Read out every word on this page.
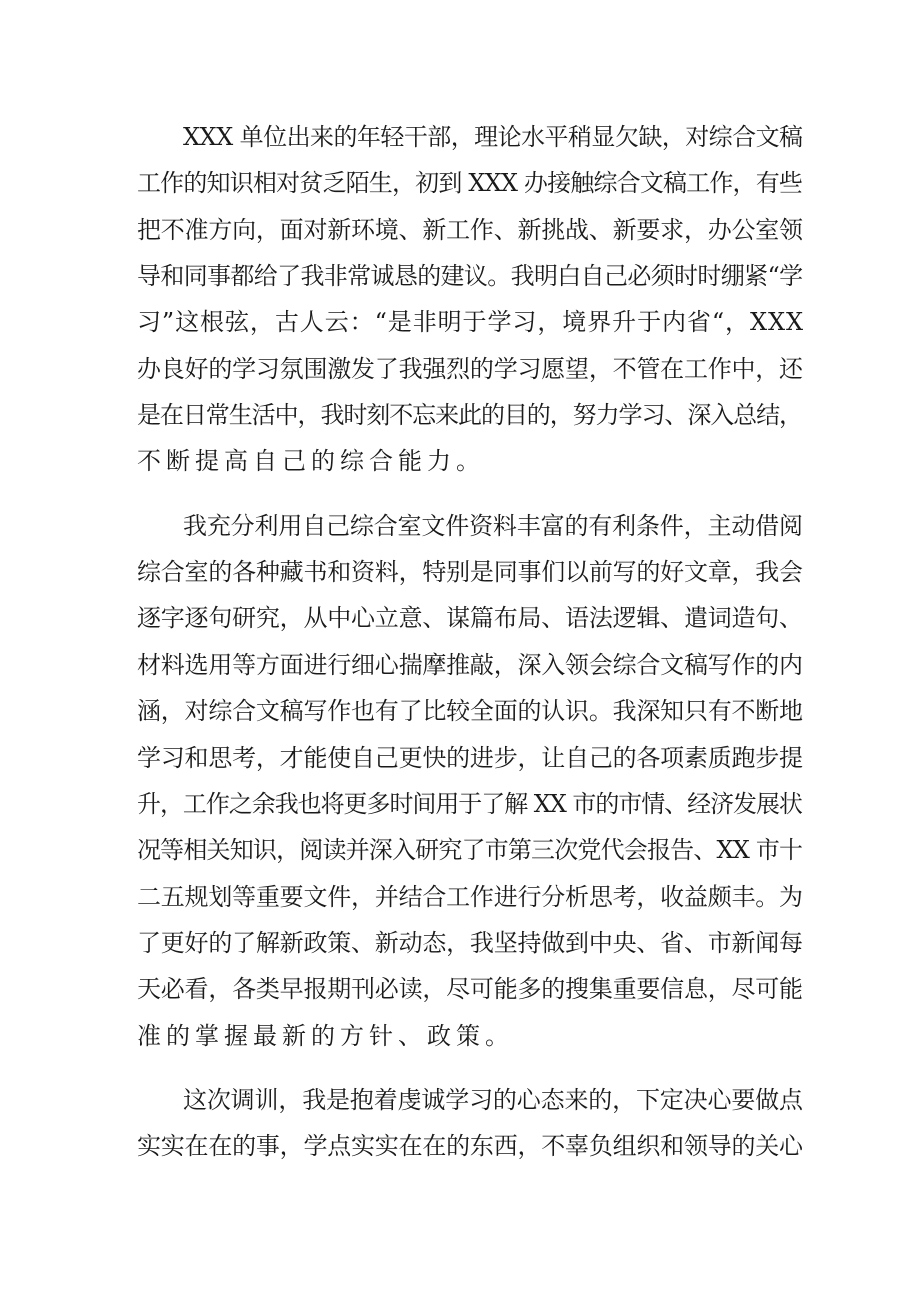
XXX 单位出来的年轻干部，理论水平稍显欠缺，对综合文稿
工作的知识相对贫乏陌生，初到 XXX 办接触综合文稿工作，有些
把不准方向，面对新环境、新工作、新挑战、新要求，办公室领
导和同事都给了我非常诚恳的建议。我明白自己必须时时绷紧“学
习”这根弦，古人云：“是非明于学习，境界升于内省“，XXX
办良好的学习氛围激发了我强烈的学习愿望，不管在工作中，还
是在日常生活中，我时刻不忘来此的目的，努力学习、深入总结，
不断提高自己的综合能力。
我充分利用自己综合室文件资料丰富的有利条件，主动借阅
综合室的各种藏书和资料，特别是同事们以前写的好文章，我会
逐字逐句研究，从中心立意、谋篇布局、语法逻辑、遣词造句、
材料选用等方面进行细心揣摩推敲，深入领会综合文稿写作的内
涵，对综合文稿写作也有了比较全面的认识。我深知只有不断地
学习和思考，才能使自己更快的进步，让自己的各项素质跑步提
升，工作之余我也将更多时间用于了解 XX 市的市情、经济发展状
况等相关知识，阅读并深入研究了市第三次党代会报告、XX 市十
二五规划等重要文件，并结合工作进行分析思考，收益颇丰。为
了更好的了解新政策、新动态，我坚持做到中央、省、市新闻每
天必看，各类早报期刊必读，尽可能多的搜集重要信息，尽可能
准的掌握最新的方针、政策。
这次调训，我是抱着虔诚学习的心态来的，下定决心要做点
实实在在的事，学点实实在在的东西，不辜负组织和领导的关心
